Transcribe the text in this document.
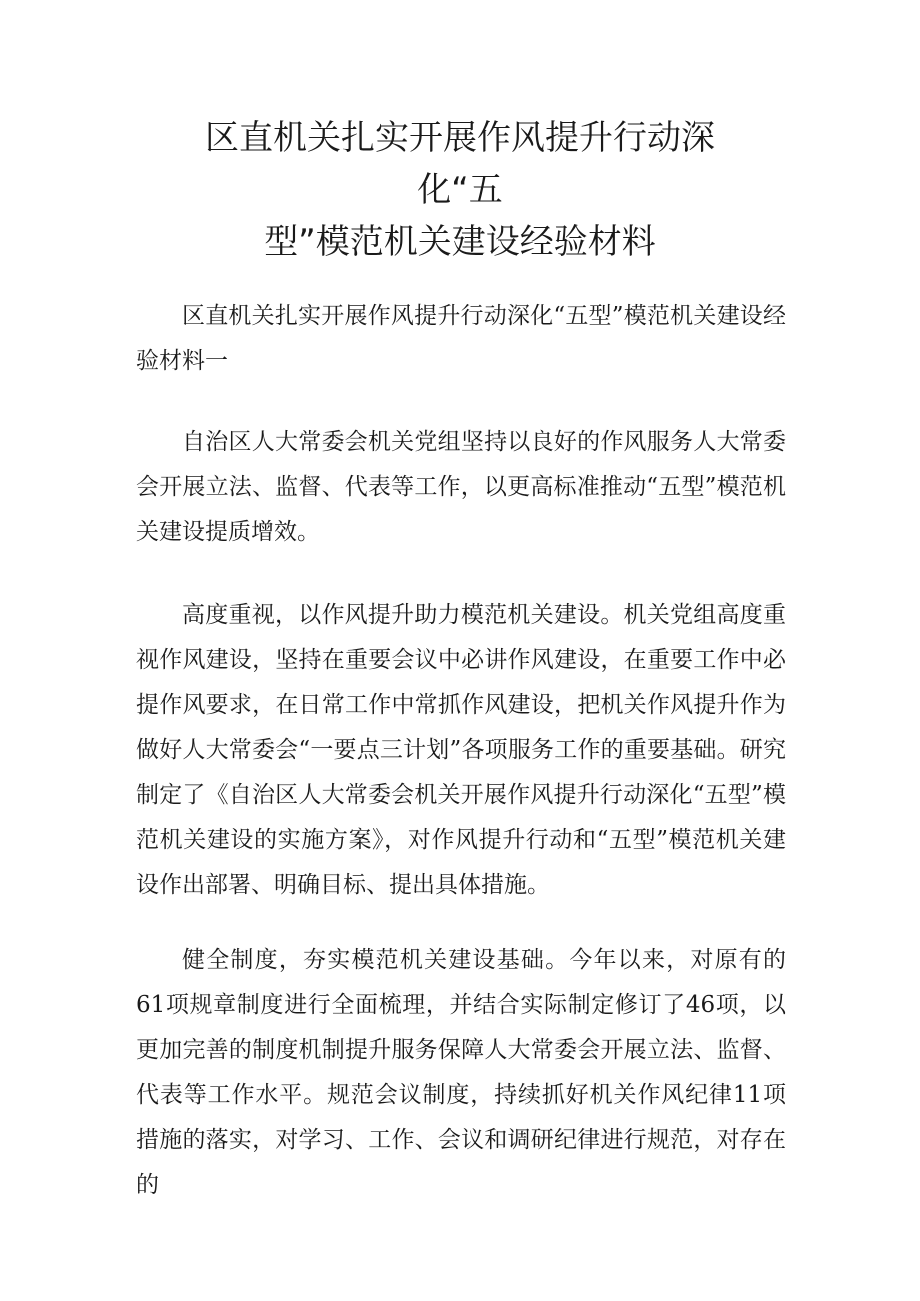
区直机关扎实开展作风提升行动深化“五
型”模范机关建设经验材料

区直机关扎实开展作风提升行动深化“五型”模范机关建设经验材料一

自治区人大常委会机关党组坚持以良好的作风服务人大常委会开展立法、监督、代表等工作，以更高标准推动“五型”模范机关建设提质增效。

高度重视，以作风提升助力模范机关建设。机关党组高度重视作风建设，坚持在重要会议中必讲作风建设，在重要工作中必提作风要求，在日常工作中常抓作风建设，把机关作风提升作为做好人大常委会“一要点三计划”各项服务工作的重要基础。研究制定了《自治区人大常委会机关开展作风提升行动深化“五型”模范机关建设的实施方案》，对作风提升行动和“五型”模范机关建设作出部署、明确目标、提出具体措施。

健全制度，夯实模范机关建设基础。今年以来，对原有的61项规章制度进行全面梳理，并结合实际制定修订了46项，以更加完善的制度机制提升服务保障人大常委会开展立法、监督、代表等工作水平。规范会议制度，持续抓好机关作风纪律11项措施的落实，对学习、工作、会议和调研纪律进行规范，对存在的
